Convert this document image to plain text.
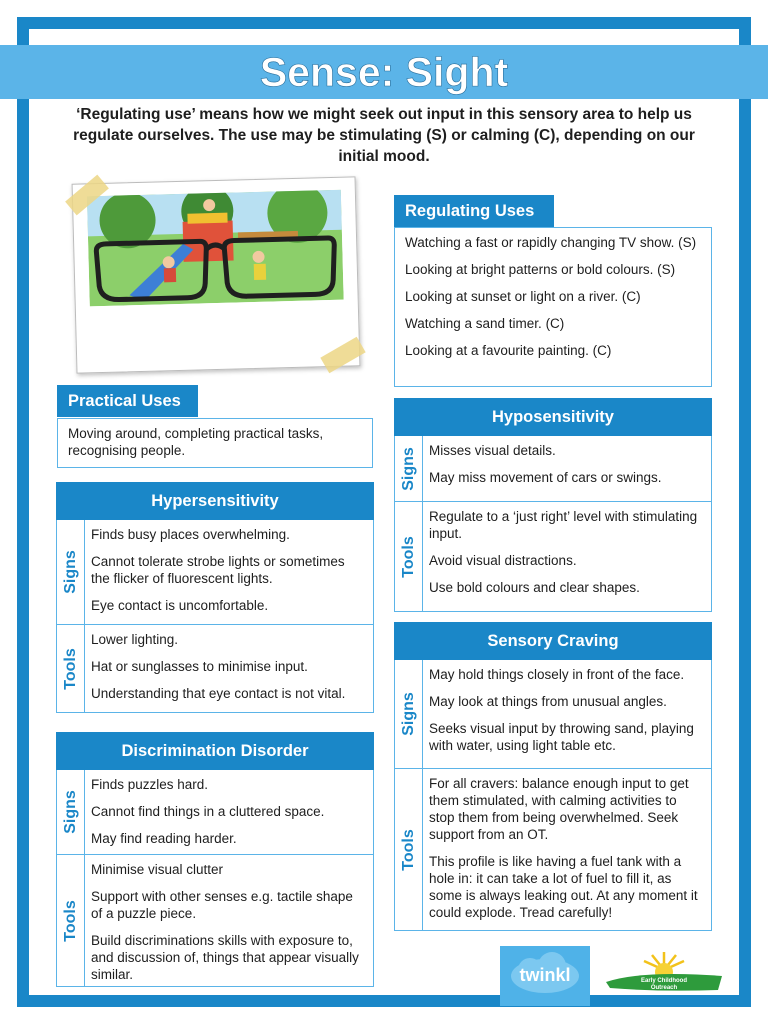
Sense: Sight
‘Regulating use’ means how we might seek out input in this sensory area to help us regulate ourselves. The use may be stimulating (S) or calming (C), depending on our initial mood.
Regulating Uses

Watching a fast or rapidly changing TV show. (S)

Looking at bright patterns or bold colours. (S)

Looking at sunset or light on a river. (C)

Watching a sand timer. (C)

Looking at a favourite painting. (C)

Practical Uses

Moving around, completing practical tasks, recognising people.

Hypersensitivity
Signs

Finds busy places overwhelming.

Cannot tolerate strobe lights or sometimes the flicker of fluorescent lights.

Eye contact is uncomfortable.

Tools

Lower lighting.

Hat or sunglasses to minimise input.

Understanding that eye contact is not vital.

Discrimination Disorder
Signs

Finds puzzles hard.

Cannot find things in a cluttered space.

May find reading harder.

Tools

Minimise visual clutter

Support with other senses e.g. tactile shape of a puzzle piece.

Build discriminations skills with exposure to, and discussion of, things that appear visually similar.

Hyposensitivity
Signs Misses visual details.

May miss movement of cars or swings.

Tools

Regulate to a ‘just right’ level with stimulating input.

Avoid visual distractions.

Use bold colours and clear shapes.

Sensory Craving
Signs

May hold things closely in front of the face.

May look at things from unusual angles.

Seeks visual input by throwing sand, playing with water, using light table etc.

Tools

For all cravers: balance enough input to get them stimulated, with calming activities to stop them from being overwhelmed. Seek support from an OT.

This profile is like having a fuel tank with a hole in: it can take a lot of fuel to fill it, as some is always leaking out. At any moment it could explode. Tread carefully!

twinkl	Early Childhood
Outreach
